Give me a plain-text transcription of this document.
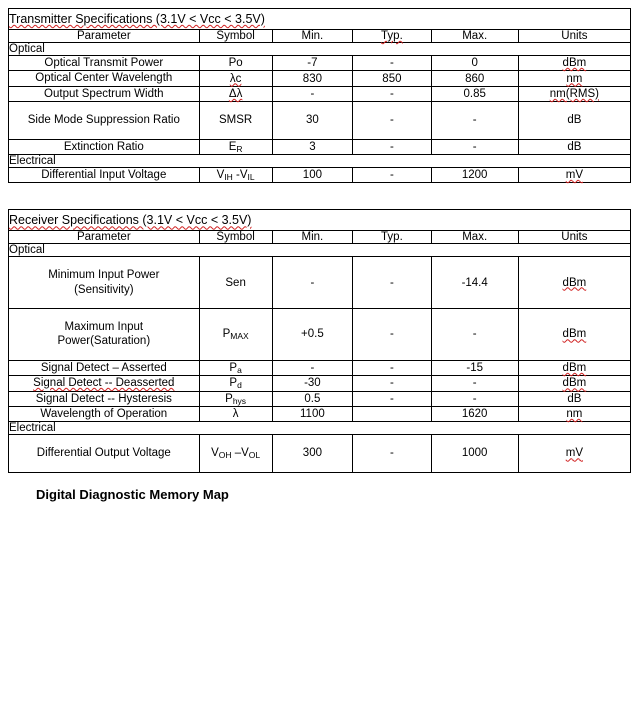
Transmitter Specifications (3.1V < Vcc < 3.5V)					
Parameter	Symbol	Min.	Typ.	Max.	Units
Optical					
Optical Transmit Power	Po	-7	-	0	dBm
Optical Center Wavelength	λc	830	850	860	nm
Output Spectrum Width	Δλ	-	-	0.85	nm(RMS)
Side Mode Suppression Ratio	SMSR	30	-	-	dB
Extinction Ratio	$E_R$	3	-	-	dB
Electrical					
Differential Input Voltage	$V_{IH}$ $-V_{IL}$	100	-	1200	mV
Receiver Specifications (3.1V < Vcc < 3.5V)					
Parameter	Symbol	Min.	Typ.	Max.	Units
Optical					
Minimum Input Power
(Sensitivity)	Sen	-	-	-14.4	dBm
Maximum Input
Power(Saturation)	$P_{MAX}$	+0.5	-	-	dBm
Signal Detect – Asserted	$P_a$	-	-	-15	dBm
Signal Detect -- Deasserted	$P_d$	-30	-	-	dBm
Signal Detect -- Hysteresis	$P_{hys}$	0.5	-	-	dB
Wavelength of Operation	λ	1100		1620	nm
Electrical					
Differential Output Voltage	$V_{OH}$ $-V_{OL}$	300	-	1000	mV
Digital Diagnostic Memory Map
